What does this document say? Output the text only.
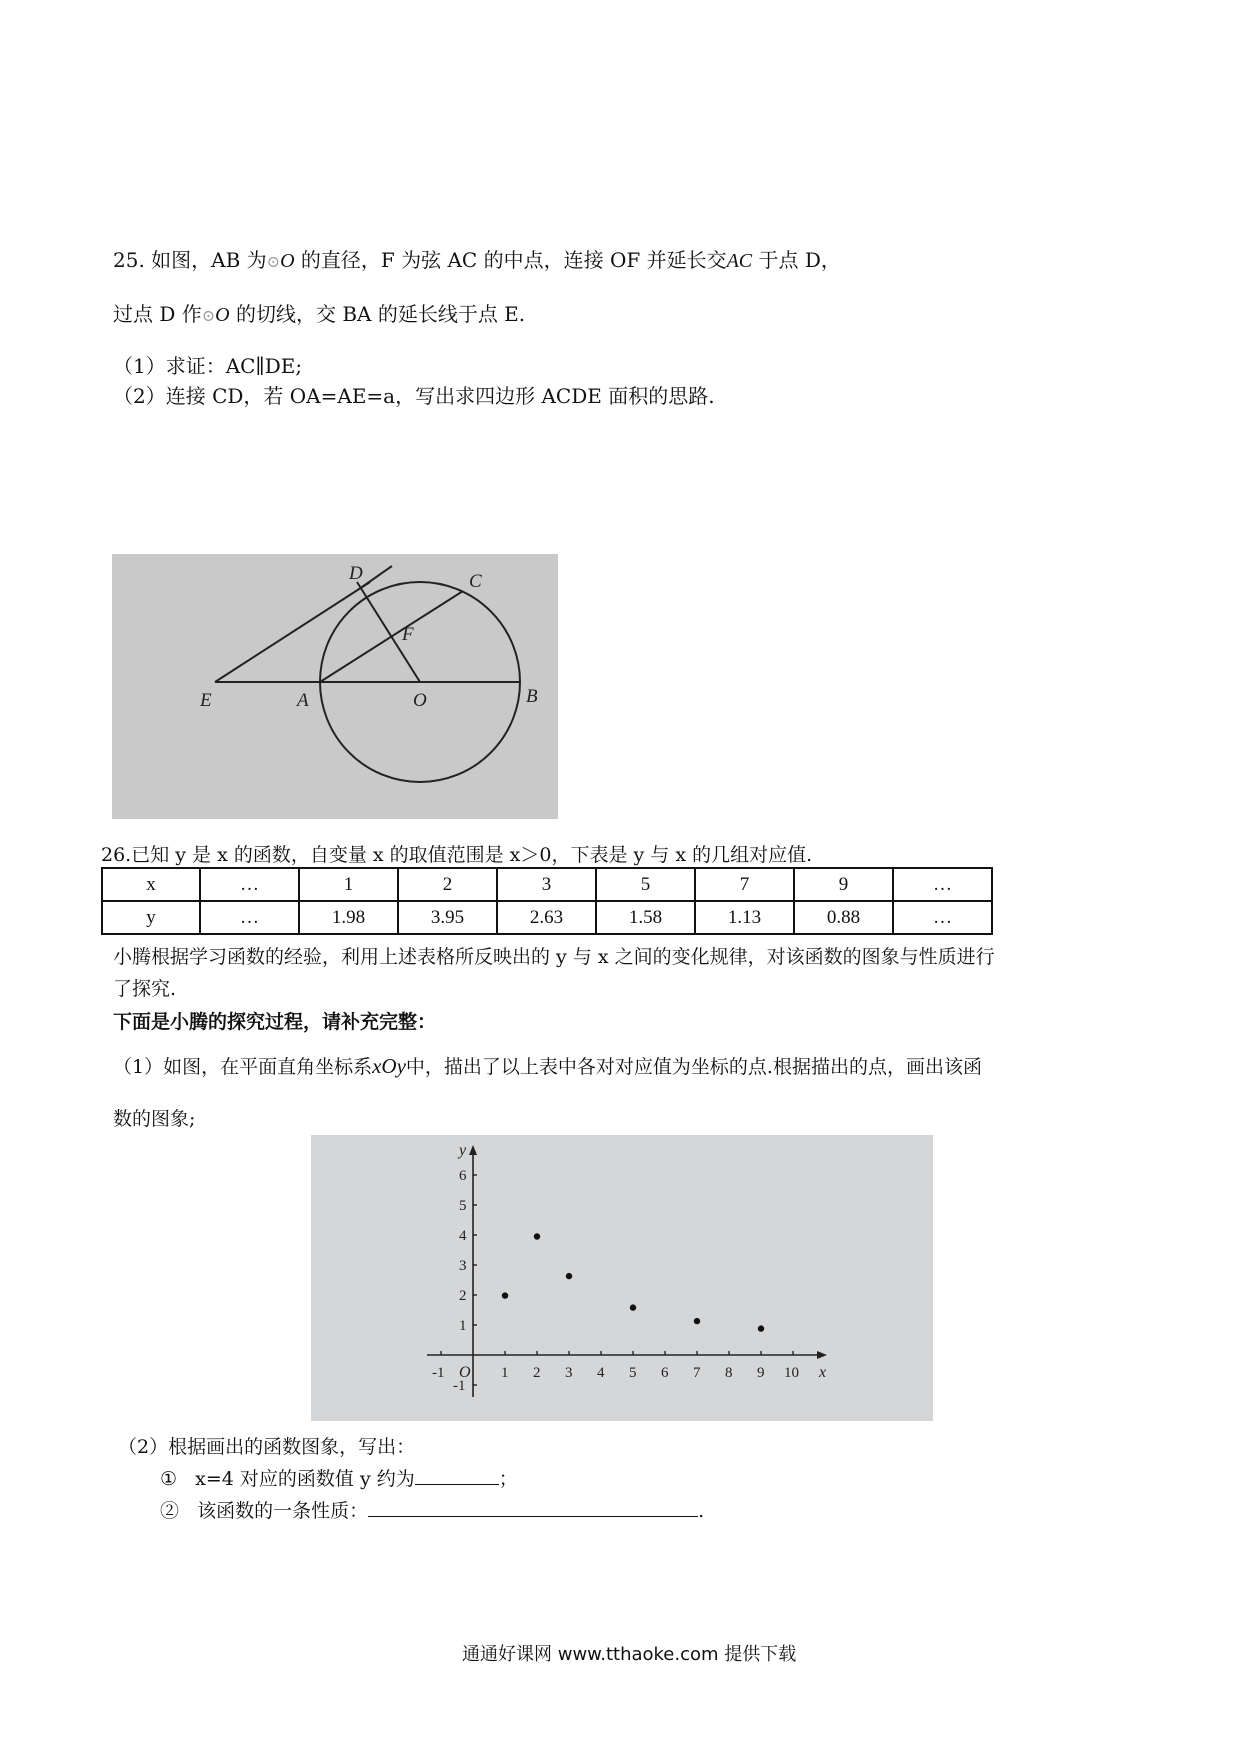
25. 如图，AB 为⊙O 的直径，F 为弦 AC 的中点，连接 OF 并延长交AC 于点 D，
过点 D 作⊙O 的切线，交 BA 的延长线于点 E.
（1）求证：AC∥DE;
（2）连接 CD，若 OA=AE=a，写出求四边形 ACDE 面积的思路.
D	C
F
E	A	O	B
26.已知 y 是 x 的函数，自变量 x 的取值范围是 x＞0，下表是 y 与 x 的几组对应值.
x	…	1	2	3	5	7	9	…
y	…	1.98	3.95	2.63	1.58	1.13	0.88	…
小腾根据学习函数的经验，利用上述表格所反映出的 y 与 x 之间的变化规律，对该函数的图象与性质进行
了探究.
下面是小腾的探究过程，请补充完整：
（1）如图，在平面直角坐标系xOy中，描出了以上表中各对对应值为坐标的点.根据描出的点，画出该函
数的图象;
-1	1 2 3 4 5 6 7 8 9 10
-1
1
2
3
4
5
6
O	x
y
（2）根据画出的函数图象，写出：
① x=4 对应的函数值 y 约为	；
② 该函数的一条性质：	.
通通好课网 www.tthaoke.com 提供下载
